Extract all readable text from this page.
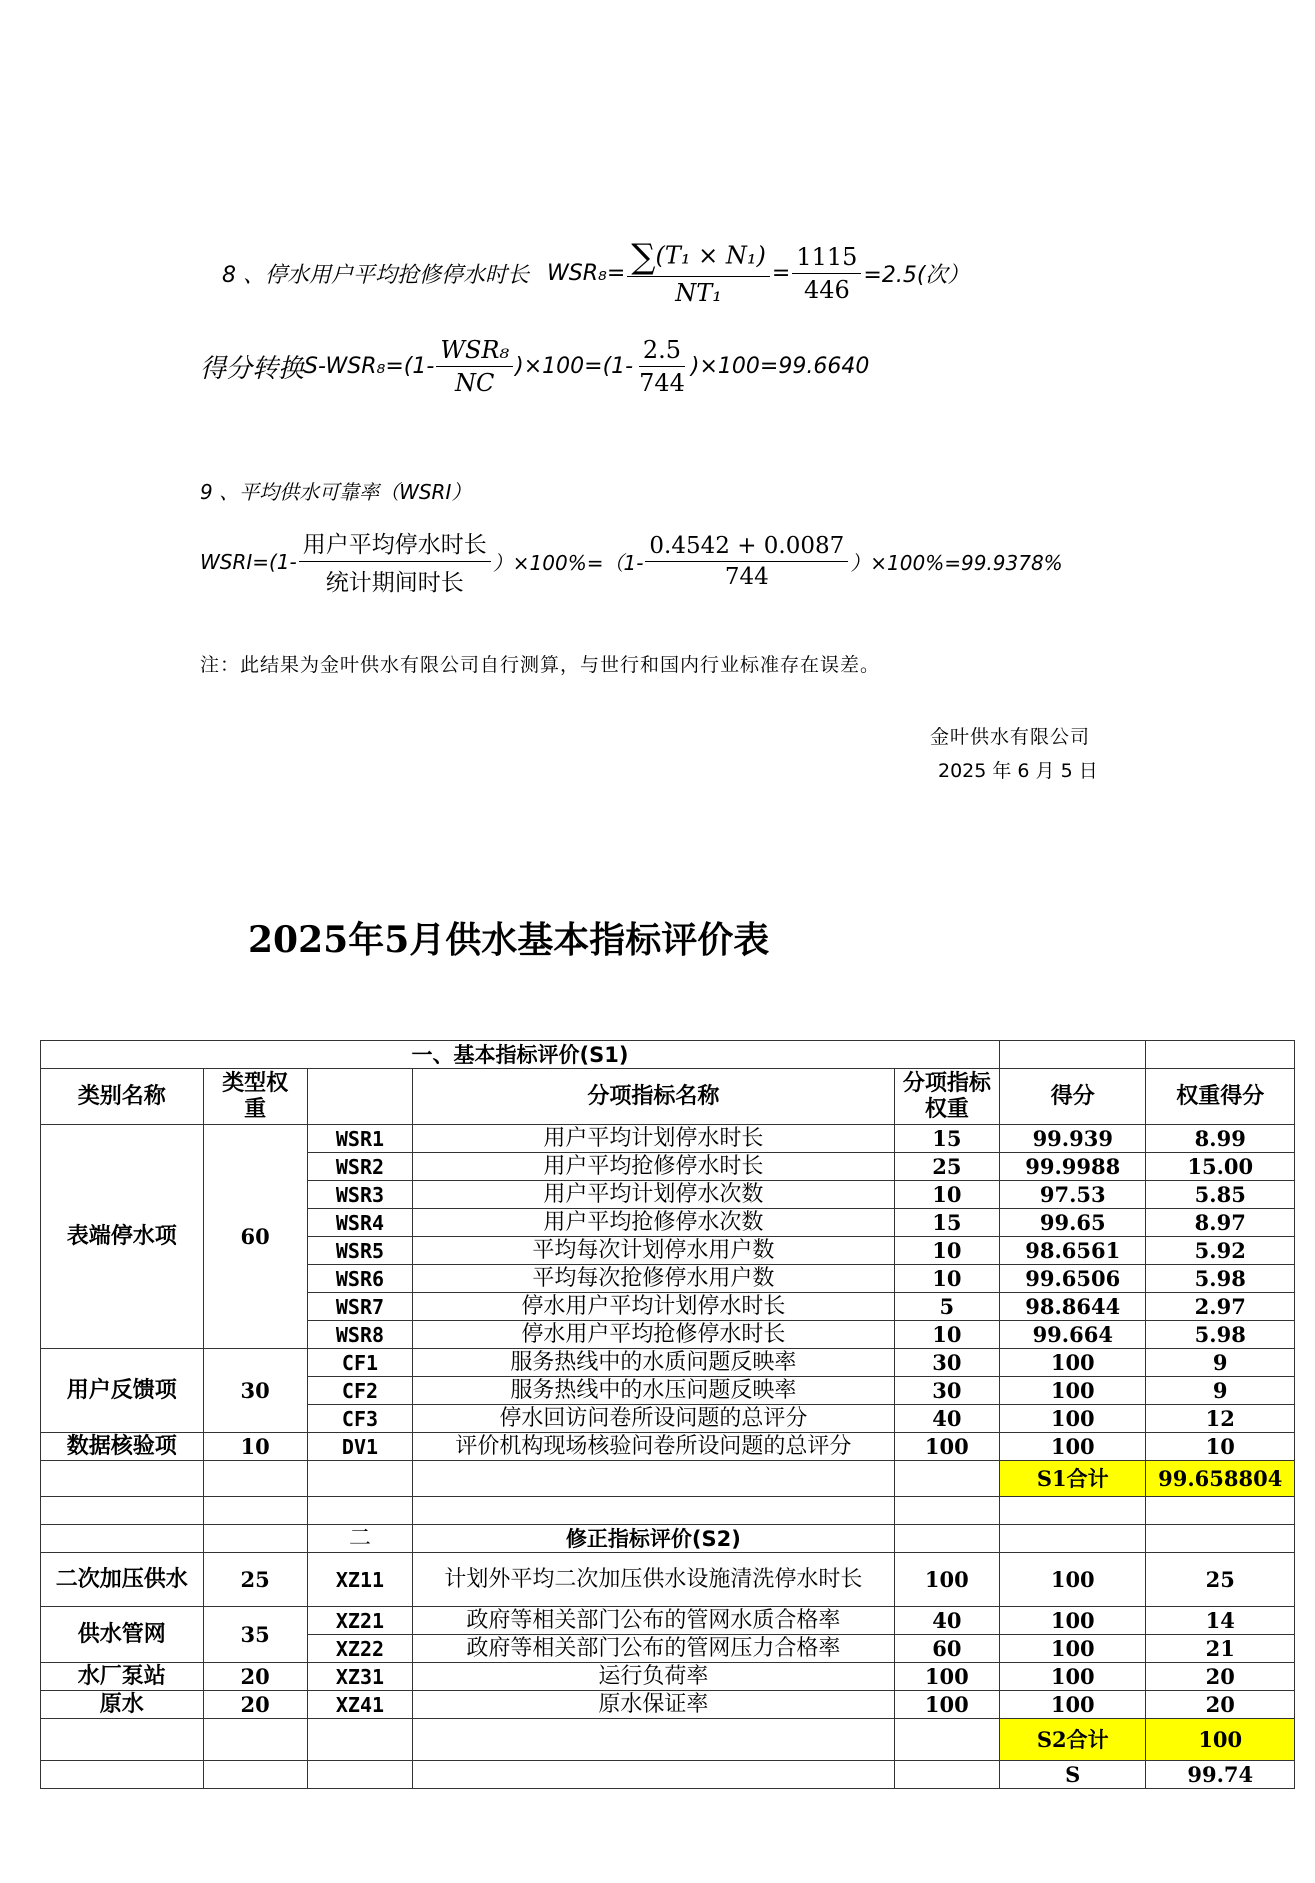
8 、停水用户平均抢修停水时长 $WSR_8= \frac{\text{∑(T₁ × N₁)}}{\text{NT₁}} = \frac{1115}{446} =2.5$(次）
得分转换 $S-WSR_8=(1- \frac{\text{WSR₈}}{NC} )\times 100=(1- \frac{2.5}{744} )\times 100=99.6640$
9 、平均供水可靠率（WSRI）
WSRI=(1- $\frac{\text{用户平均停水时长}}{\text{统计期间时长}} )\times 100\%=(1- \frac{0.4542 + 0.0087}{744} )\times 100\%=99.9378\%$
注：此结果为金叶供水有限公司自行测算，与世行和国内行业标准存在误差。
金叶供水有限公司
2025 年 6 月 5 日
2025年5月供水基本指标评价表
一、基本指标评价(S1)						
类别名称	类型权重		分项指标名称	分项指标权重	得分	权重得分
表端停水项	60	WSR1	用户平均计划停水时长	15	99.939	8.99
		WSR2	用户平均抢修停水时长	25	99.9988	15.00
		WSR3	用户平均计划停水次数	10	97.53	5.85
		WSR4	用户平均抢修停水次数	15	99.65	8.97
		WSR5	平均每次计划停水用户数	10	98.6561	5.92
		WSR6	平均每次抢修停水用户数	10	99.6506	5.98
		WSR7	停水用户平均计划停水时长	5	98.8644	2.97
		WSR8	停水用户平均抢修停水时长	10	99.664	5.98
用户反馈项	30	CF1	服务热线中的水质问题反映率	30	100	9
		CF2	服务热线中的水压问题反映率	30	100	9
		CF3	停水回访问卷所设问题的总评分	40	100	12
数据核验项	10	DV1	评价机构现场核验问卷所设问题的总评分	100	100	10
					S1合计	99.658804

		二	修正指标评价(S2)			
二次加压供水	25	XZ11	计划外平均二次加压供水设施清洗停水时长	100	100	25
供水管网	35	XZ21	政府等相关部门公布的管网水质合格率	40	100	14
		XZ22	政府等相关部门公布的管网压力合格率	60	100	21
水厂泵站	20	XZ31	运行负荷率	100	100	20
原水	20	XZ41	原水保证率	100	100	20
					S2合计	100
					S	99.74
